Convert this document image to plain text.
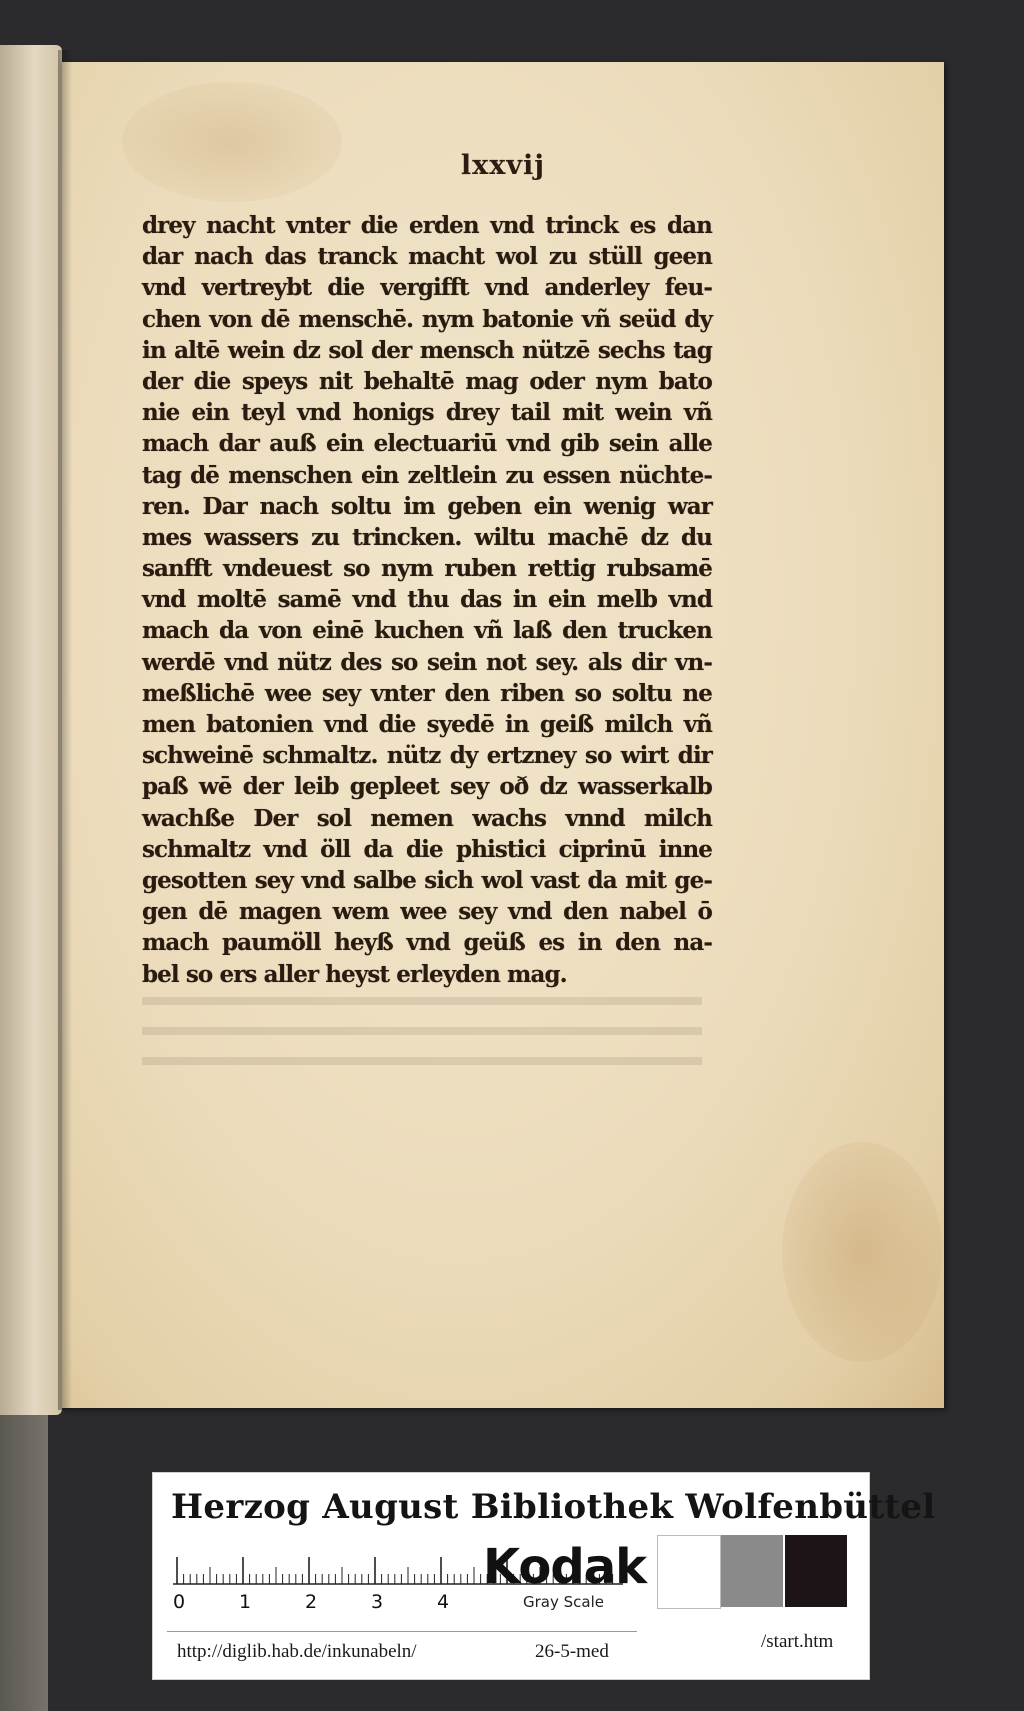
lxxvij
drey nacht vnter die erden vnd trinck es dan
dar nach das tranck macht wol zu stüll geen
vnd vertreybt die vergifft vnd anderley feu-
chen von dē menschē. nym batonie vñ seüd dy
in altē wein dz sol der mensch nützē sechs tag
der die speys nit behaltē mag oder nym bato
nie ein teyl vnd honigs drey tail mit wein vñ
mach dar auß ein electuariū vnd gib sein alle
tag dē menschen ein zeltlein zu essen nüchte-
ren. Dar nach soltu im geben ein wenig war
mes wassers zu trincken. wiltu machē dz du
sanfft vndeuest so nym ruben rettig rubsamē
vnd moltē samē vnd thu das in ein melb vnd
mach da von einē kuchen vñ laß den trucken
werdē vnd nütz des so sein not sey. als dir vn-
meßlichē wee sey vnter den riben so soltu ne
men batonien vnd die syedē in geiß milch vñ
schweinē schmaltz. nütz dy ertzney so wirt dir
paß wē der leib gepleet sey oð dz wasserkalb
wachße Der sol nemen wachs vnnd milch
schmaltz vnd öll da die phistici ciprinū inne
gesotten sey vnd salbe sich wol vast da mit ge-
gen dē magen wem wee sey vnd den nabel ō
mach paumöll heyß vnd geüß es in den na-
bel so ers aller heyst erleyden mag.
Herzog August Bibliothek Wolfenbüttel
0	1	2	3	4
Kodak
Gray Scale
http://diglib.hab.de/inkunabeln/	26-5-med	/start.htm
